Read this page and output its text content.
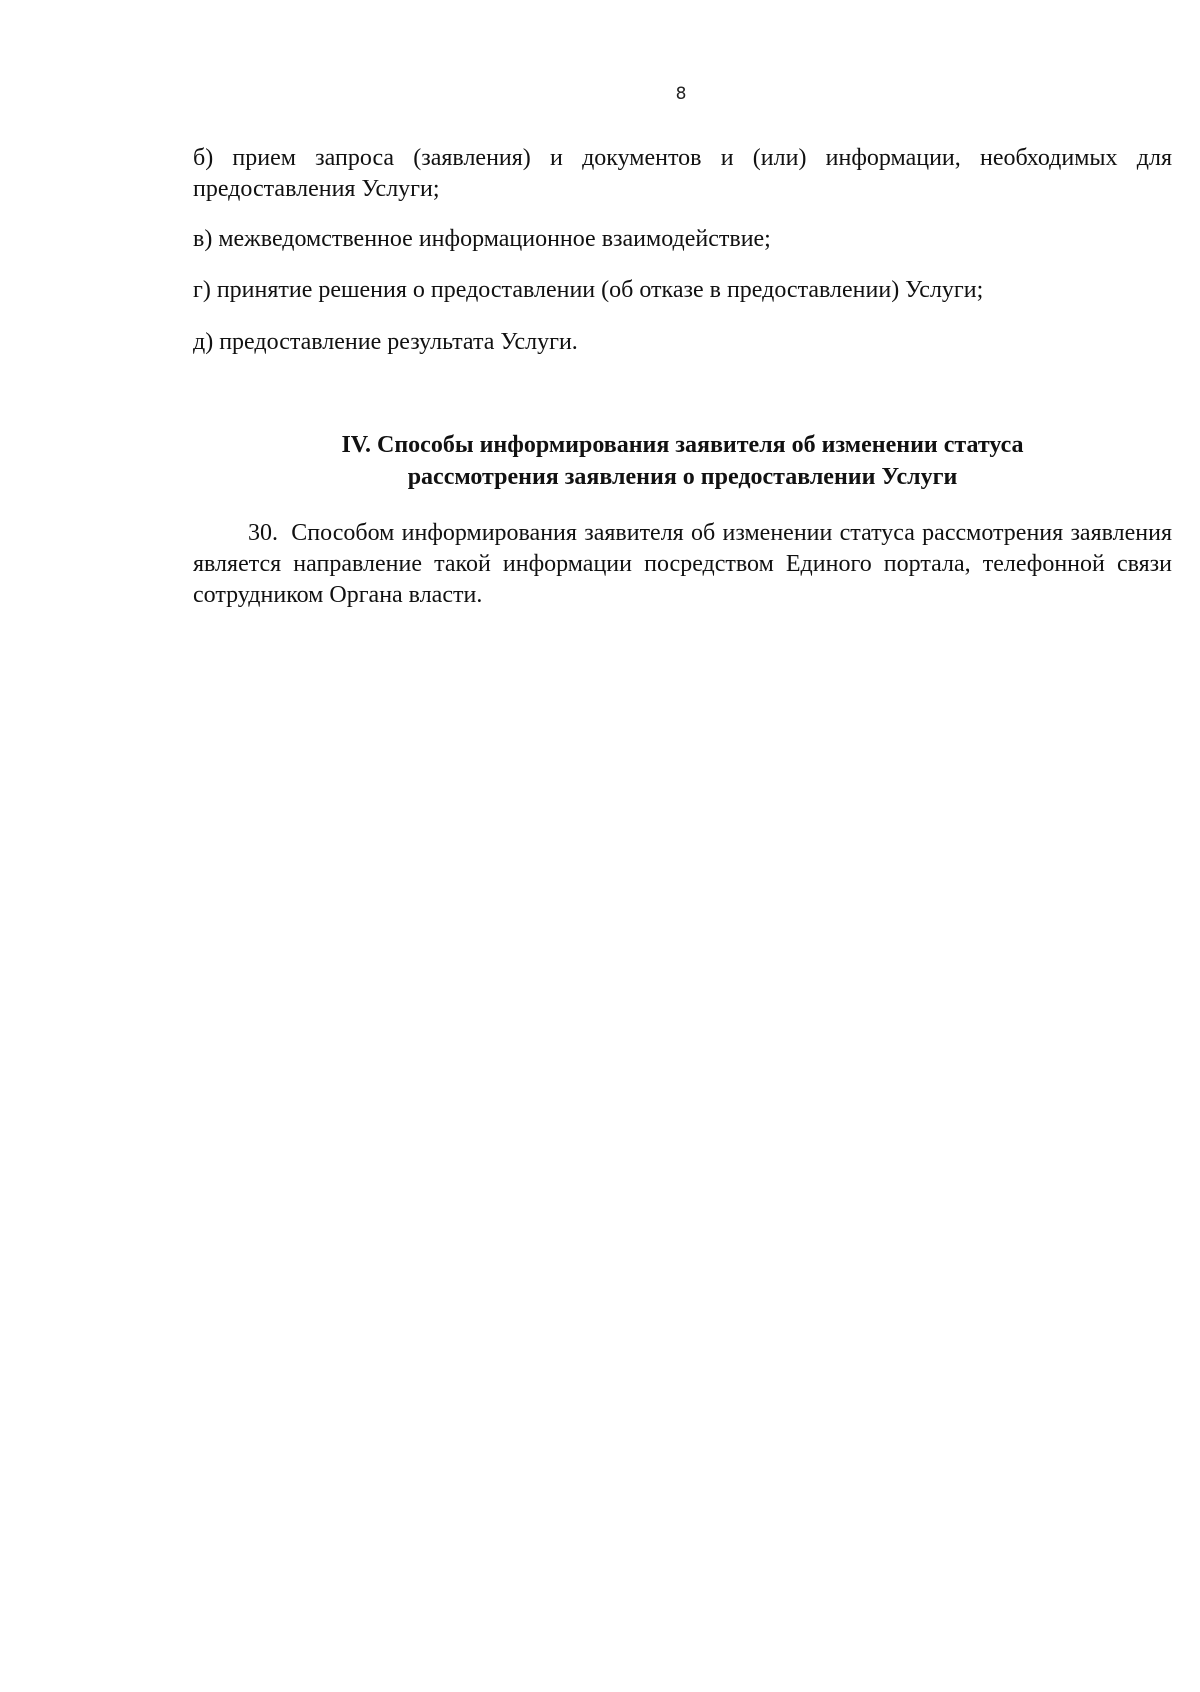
8

б) прием запроса (заявления) и документов и (или) информации, необходимых для предоставления Услуги;

в) межведомственное информационное взаимодействие;

г) принятие решения о предоставлении (об отказе в предоставлении) Услуги;

д) предоставление результата Услуги.

IV. Способы информирования заявителя об изменении статуса
рассмотрения заявления о предоставлении Услуги

30. Способом информирования заявителя об изменении статуса рассмотрения заявления является направление такой информации посредством Единого портала, телефонной связи сотрудником Органа власти.
